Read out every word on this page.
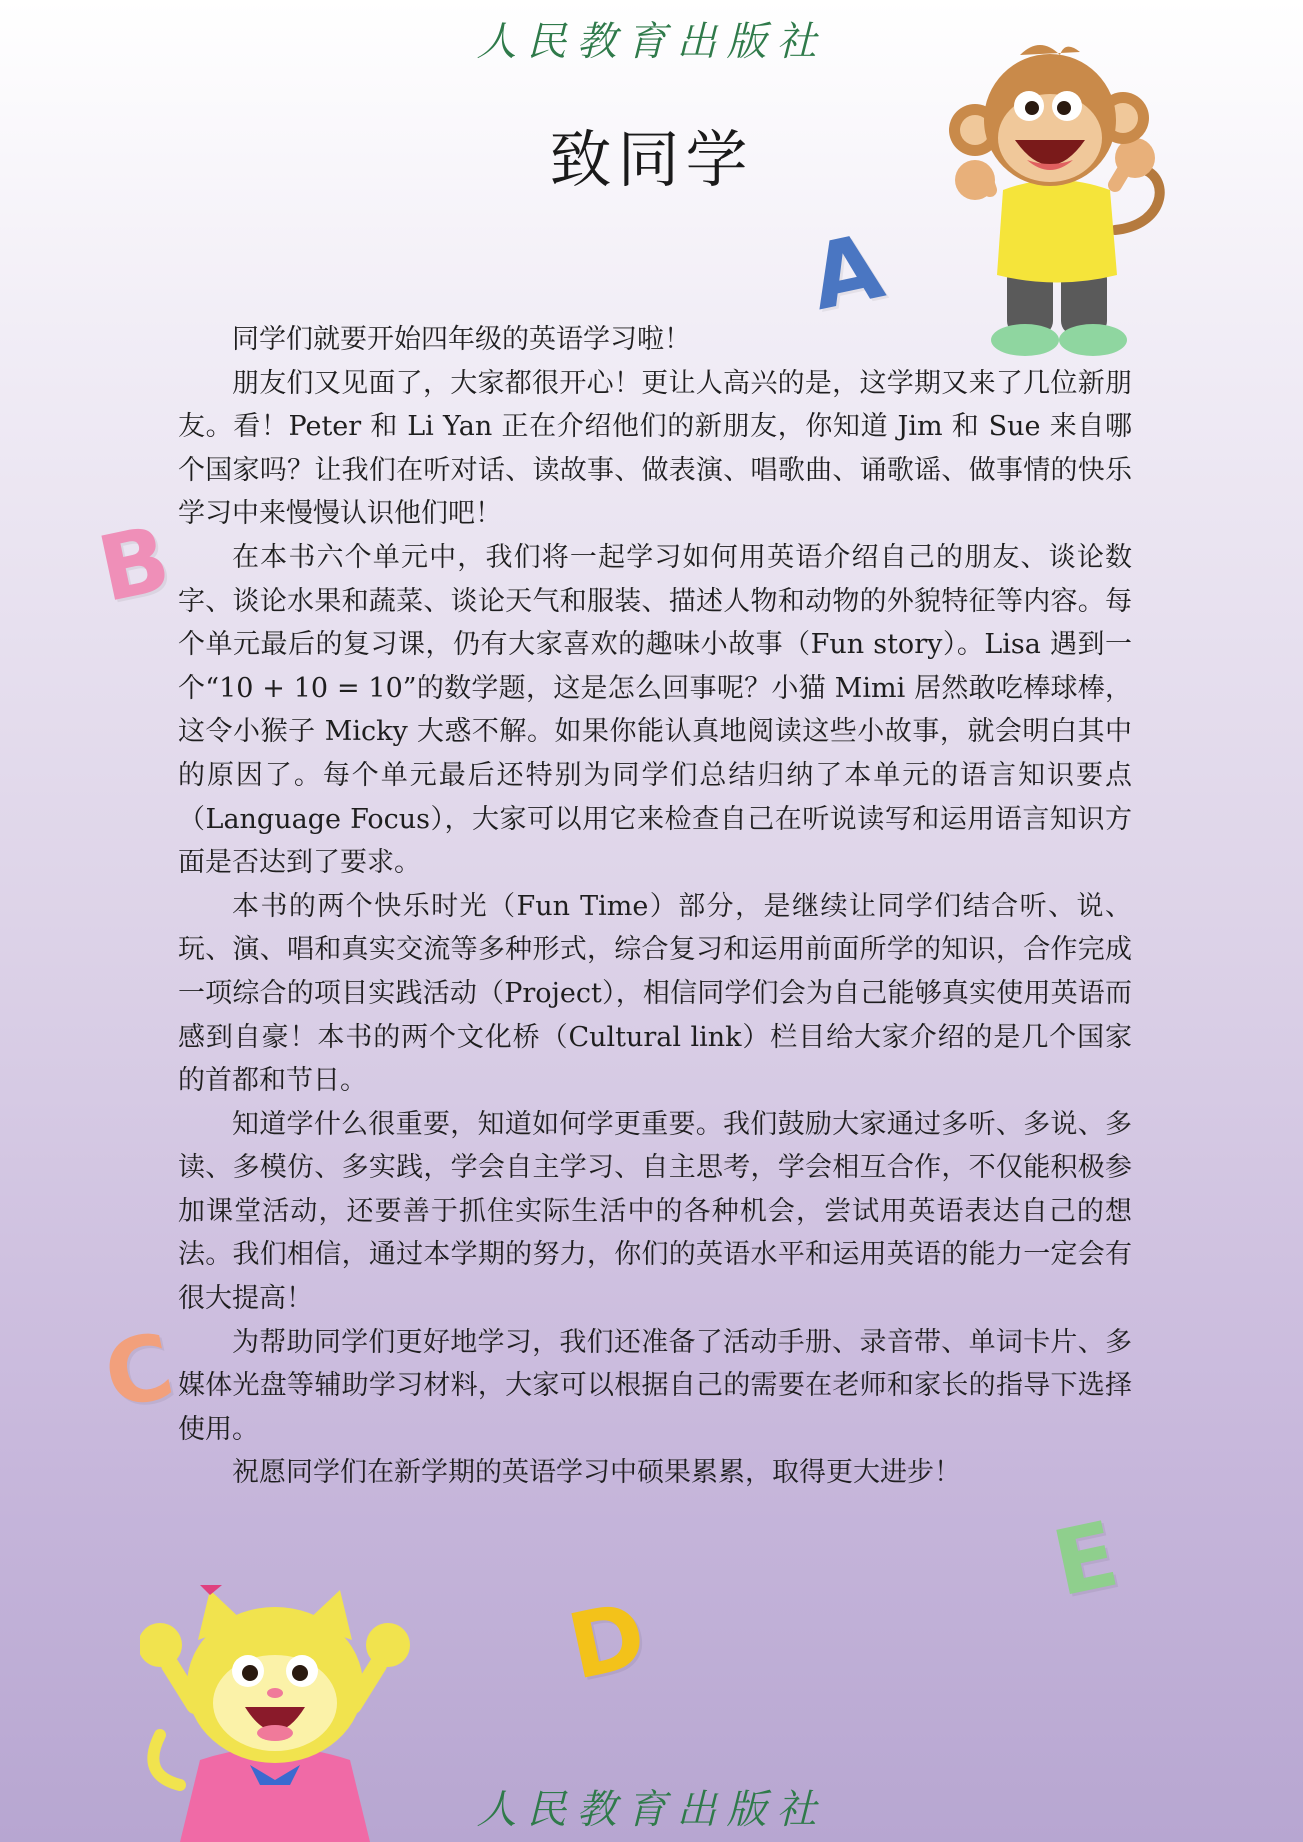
人民教育出版社
人民教育出版社
致同学
A
B
C
D
E

同学们就要开始四年级的英语学习啦！

朋友们又见面了，大家都很开心！更让人高兴的是，这学期又来了几位新朋友。看！Peter 和 Li Yan 正在介绍他们的新朋友，你知道 Jim 和 Sue 来自哪个国家吗？让我们在听对话、读故事、做表演、唱歌曲、诵歌谣、做事情的快乐学习中来慢慢认识他们吧！

在本书六个单元中，我们将一起学习如何用英语介绍自己的朋友、谈论数字、谈论水果和蔬菜、谈论天气和服装、描述人物和动物的外貌特征等内容。每个单元最后的复习课，仍有大家喜欢的趣味小故事（Fun story）。Lisa 遇到一个“10 + 10 = 10”的数学题，这是怎么回事呢？小猫 Mimi 居然敢吃棒球棒，这令小猴子 Micky 大惑不解。如果你能认真地阅读这些小故事，就会明白其中的原因了。每个单元最后还特别为同学们总结归纳了本单元的语言知识要点（Language Focus），大家可以用它来检查自己在听说读写和运用语言知识方面是否达到了要求。

本书的两个快乐时光（Fun Time）部分，是继续让同学们结合听、说、玩、演、唱和真实交流等多种形式，综合复习和运用前面所学的知识，合作完成一项综合的项目实践活动（Project），相信同学们会为自己能够真实使用英语而感到自豪！本书的两个文化桥（Cultural link）栏目给大家介绍的是几个国家的首都和节日。

知道学什么很重要，知道如何学更重要。我们鼓励大家通过多听、多说、多读、多模仿、多实践，学会自主学习、自主思考，学会相互合作，不仅能积极参加课堂活动，还要善于抓住实际生活中的各种机会，尝试用英语表达自己的想法。我们相信，通过本学期的努力，你们的英语水平和运用英语的能力一定会有很大提高！

为帮助同学们更好地学习，我们还准备了活动手册、录音带、单词卡片、多媒体光盘等辅助学习材料，大家可以根据自己的需要在老师和家长的指导下选择使用。

祝愿同学们在新学期的英语学习中硕果累累，取得更大进步！
